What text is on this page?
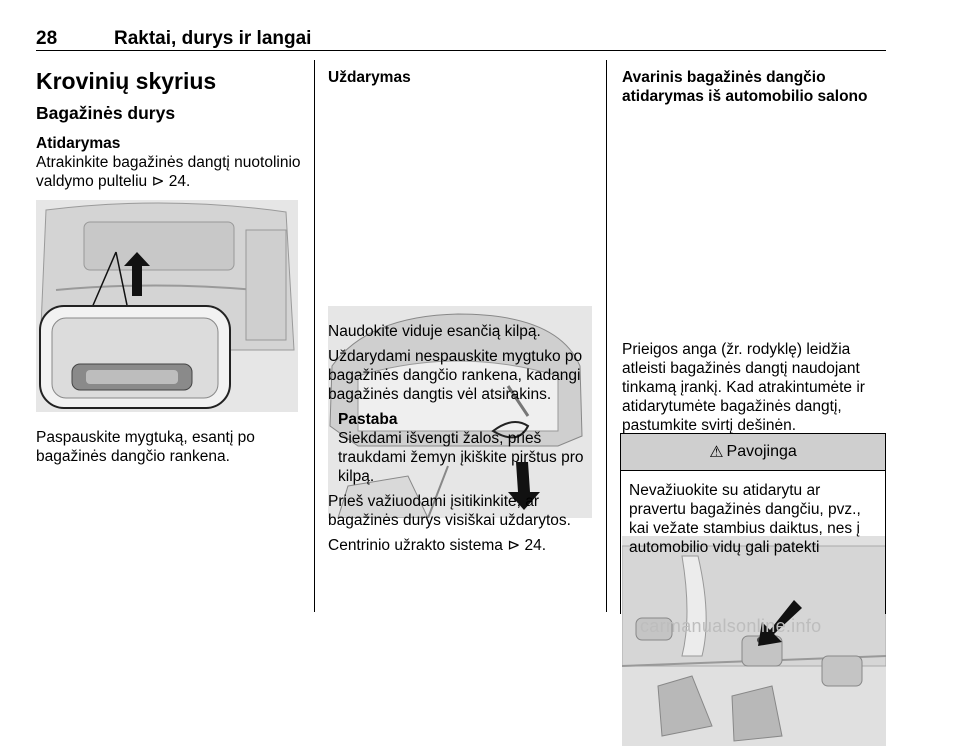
28	Raktai, durys ir langai
Krovinių skyrius
Bagažinės durys
Atidarymas

Atrakinkite bagažinės dangtį nuotolinio valdymo pulteliu ⊳ 24.

Paspauskite mygtuką, esantį po bagažinės dangčio rankena.

Uždarymas

Naudokite viduje esančią kilpą.

Uždarydami nespauskite mygtuko po bagažinės dangčio rankena, kadangi bagažinės dangtis vėl atsirakins.

Pastaba
Siekdami išvengti žalos, prieš traukdami žemyn įkiškite pirštus pro kilpą.

Prieš važiuodami įsitikinkite, ar bagažinės durys visiškai uždarytos.

Centrinio užrakto sistema ⊳ 24.

Avarinis bagažinės dangčio atidarymas iš automobilio salono

Prieigos anga (žr. rodyklę) leidžia atleisti bagažinės dangtį naudojant tinkamą įrankį. Kad atrakintumėte ir atidarytumėte bagažinės dangtį, pastumkite svirtį dešinėn.

⚠ Pavojinga
Nevažiuokite su atidarytu ar pravertu bagažinės dangčiu, pvz., kai vežate stambius daiktus, nes į automobilio vidų gali patekti
carmanualsonline.info
